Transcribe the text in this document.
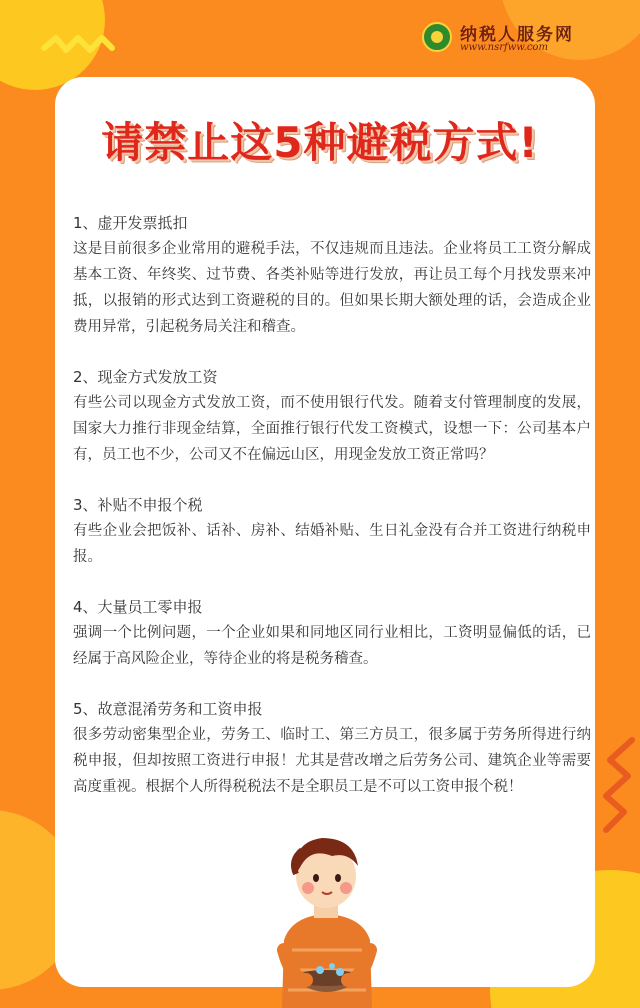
纳税人服务网
www.nsrfww.com
请禁止这5种避税方式!
1、虚开发票抵扣
这是目前很多企业常用的避税手法，不仅违规而且违法。企业将员工工资分解成基本工资、年终奖、过节费、各类补贴等进行发放，再让员工每个月找发票来冲抵，以报销的形式达到工资避税的目的。但如果长期大额处理的话，会造成企业费用异常，引起税务局关注和稽查。
2、现金方式发放工资
有些公司以现金方式发放工资，而不使用银行代发。随着支付管理制度的发展，国家大力推行非现金结算，全面推行银行代发工资模式，设想一下：公司基本户有，员工也不少，公司又不在偏远山区，用现金发放工资正常吗？
3、补贴不申报个税
有些企业会把饭补、话补、房补、结婚补贴、生日礼金没有合并工资进行纳税申报。
4、大量员工零申报
强调一个比例问题，一个企业如果和同地区同行业相比，工资明显偏低的话，已经属于高风险企业，等待企业的将是税务稽查。
5、故意混淆劳务和工资申报
很多劳动密集型企业，劳务工、临时工、第三方员工，很多属于劳务所得进行纳税申报，但却按照工资进行申报！尤其是营改增之后劳务公司、建筑企业等需要高度重视。根据个人所得税税法不是全职员工是不可以工资申报个税！
